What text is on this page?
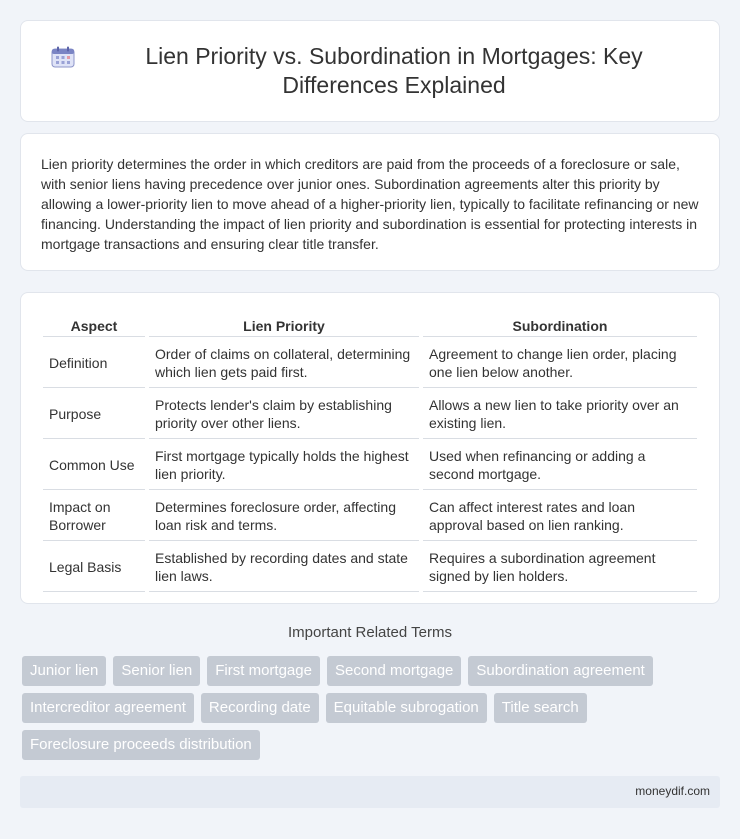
Lien Priority vs. Subordination in Mortgages: Key Differences Explained

Lien priority determines the order in which creditors are paid from the proceeds of a foreclosure or sale, with senior liens having precedence over junior ones. Subordination agreements alter this priority by allowing a lower-priority lien to move ahead of a higher-priority lien, typically to facilitate refinancing or new financing. Understanding the impact of lien priority and subordination is essential for protecting interests in mortgage transactions and ensuring clear title transfer.

Aspect	Lien Priority	Subordination
Definition	Order of claims on collateral, determining which lien gets paid first.	Agreement to change lien order, placing one lien below another.
Purpose	Protects lender's claim by establishing priority over other liens.	Allows a new lien to take priority over an existing lien.
Common Use	First mortgage typically holds the highest lien priority.	Used when refinancing or adding a second mortgage.
Impact on Borrower	Determines foreclosure order, affecting loan risk and terms.	Can affect interest rates and loan approval based on lien ranking.
Legal Basis	Established by recording dates and state lien laws.	Requires a subordination agreement signed by lien holders.
Important Related Terms
Junior lien	Senior lien	First mortgage	Second mortgage	Subordination agreement
Intercreditor agreement	Recording date	Equitable subrogation	Title search
Foreclosure proceeds distribution
moneydif.com
